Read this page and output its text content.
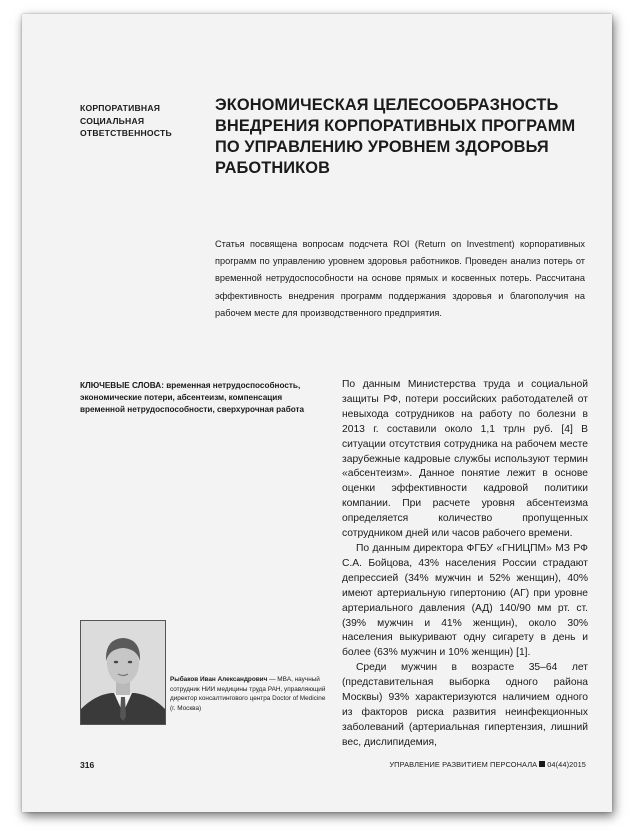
КОРПОРАТИВНАЯ СОЦИАЛЬНАЯ ОТВЕТСТВЕННОСТЬ
ЭКОНОМИЧЕСКАЯ ЦЕЛЕСООБРАЗНОСТЬ ВНЕДРЕНИЯ КОРПОРАТИВНЫХ ПРОГРАММ ПО УПРАВЛЕНИЮ УРОВНЕМ ЗДОРОВЬЯ РАБОТНИКОВ

Статья посвящена вопросам подсчета ROI (Return on Investment) корпоративных программ по управлению уровнем здоровья работников. Проведен анализ потерь от временной нетрудоспособности на основе прямых и косвенных потерь. Рассчитана эффективность внедрения программ поддержания здоровья и благополучия на рабочем месте для производственного предприятия.

КЛЮЧЕВЫЕ СЛОВА: временная нетрудоспособность, экономические потери, абсентеизм, компенсация временной нетрудоспособности, сверхурочная работа

По данным Министерства труда и социальной защиты РФ, потери российских работодателей от невыхода сотрудников на работу по болезни в 2013 г. составили около 1,1 трлн руб. [4] В ситуации отсутствия сотрудника на рабочем месте зарубежные кадровые службы используют термин «абсентеизм». Данное понятие лежит в основе оценки эффективности кадровой политики компании. При расчете уровня абсентеизма определяется количество пропущенных сотрудником дней или часов рабочего времени.

По данным директора ФГБУ «ГНИЦПМ» МЗ РФ С.А. Бойцова, 43% населения России страдают депрессией (34% мужчин и 52% женщин), 40% имеют артериальную гипертонию (АГ) при уровне артериального давления (АД) 140/90 мм рт. ст. (39% мужчин и 41% женщин), около 30% населения выкуривают одну сигарету в день и более (63% мужчин и 10% женщин) [1].

Среди мужчин в возрасте 35–64 лет (представительная выборка одного района Москвы) 93% характеризуются наличием одного из факторов риска развития неинфекционных заболеваний (артериальная гипертензия, лишний вес, дислипидемия,

Рыбаков Иван Александрович — MBA, научный сотрудник НИИ медицины труда РАН, управляющий директор консалтингового центра Doctor of Medicine (г. Москва)

316	УПРАВЛЕНИЕ РАЗВИТИЕМ ПЕРСОНАЛА 04(44)2015
